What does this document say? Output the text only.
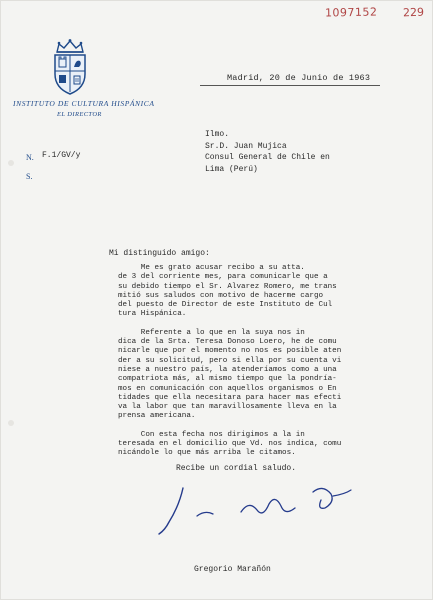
1097152 229
INSTITUTO DE CULTURA HISPÁNICA
EL DIRECTOR
N. F.1/GV/y
S.
Madrid, 20 de Junio de 1963
Ilmo.
Sr.D. Juan Mujica
Consul General de Chile en
Lima (Perú)
Mi distinguido amigo:
Me es grato acusar recibo a su atta.
de 3 del corriente mes, para comunicarle que a
su debido tiempo el Sr. Alvarez Romero, me trans
mitió sus saludos con motivo de hacerme cargo
del puesto de Director de este Instituto de Cul
tura Hispánica.
Referente a lo que en la suya nos in
dica de la Srta. Teresa Donoso Loero, he de comu
nicarle que por el momento no nos es posible aten
der a su solicitud, pero si ella por su cuenta vi
niese a nuestro país, la atenderíamos como a una
compatriota más, al mismo tiempo que la pondría-
mos en comunicación con aquellos organismos o En
tidades que ella necesitara para hacer mas efecti
va la labor que tan maravillosamente lleva en la
prensa americana.
Con esta fecha nos dirigimos a la in
teresada en el domicilio que Vd. nos indica, comu
nicándole lo que más arriba le citamos.
Recibe un cordial saludo.
Gregorio Marañón
